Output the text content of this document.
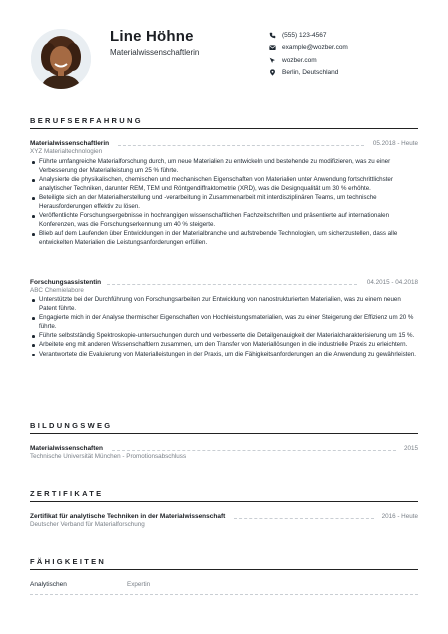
Line Höhne
Materialwissenschaftlerin
(555) 123-4567
example@wozber.com
wozber.com
Berlin, Deutschland
BERUFSERFAHRUNG
Materialwissenschaftlerin	05.2018 - Heute
XYZ Materialtechnologien
Führte umfangreiche Materialforschung durch, um neue Materialien zu entwickeln und bestehende zu modifizieren, was zu einer Verbesserung der Materialleistung um 25 % führte.
Analysierte die physikalischen, chemischen und mechanischen Eigenschaften von Materialien unter Anwendung fortschrittlichster analytischer Techniken, darunter REM, TEM und Röntgendiffraktometrie (XRD), was die Designqualität um 30 % erhöhte.
Beteiligte sich an der Materialherstellung und -verarbeitung in Zusammenarbeit mit interdisziplinären Teams, um technische Herausforderungen effektiv zu lösen.
Veröffentlichte Forschungsergebnisse in hochrangigen wissenschaftlichen Fachzeitschriften und präsentierte auf internationalen Konferenzen, was die Forschungserkennung um 40 % steigerte.
Blieb auf dem Laufenden über Entwicklungen in der Materialbranche und aufstrebende Technologien, um sicherzustellen, dass alle entwickelten Materialien die Leistungsanforderungen erfüllen.
Forschungsassistentin	04.2015 - 04.2018
ABC Chemielabore
Unterstützte bei der Durchführung von Forschungsarbeiten zur Entwicklung von nanostrukturierten Materialien, was zu einem neuen Patent führte.
Engagierte mich in der Analyse thermischer Eigenschaften von Hochleistungsmaterialien, was zu einer Steigerung der Effizienz um 20 % führte.
Führte selbstständig Spektroskopie-untersuchungen durch und verbesserte die Detailgenauigkeit der Materialcharakterisierung um 15 %.
Arbeitete eng mit anderen Wissenschaftlern zusammen, um den Transfer von Materiallösungen in die industrielle Praxis zu erleichtern.
Verantwortete die Evaluierung von Materialleistungen in der Praxis, um die Fähigkeitsanforderungen an die Anwendung zu gewährleisten.
BILDUNGSWEG
Materialwissenschaften	2015
Technische Universität München - Promotionsabschluss
ZERTIFIKATE
Zertifikat für analytische Techniken in der Materialwissenschaft	2016 - Heute
Deutscher Verband für Materialforschung
FÄHIGKEITEN
Analytischen	Expertin
